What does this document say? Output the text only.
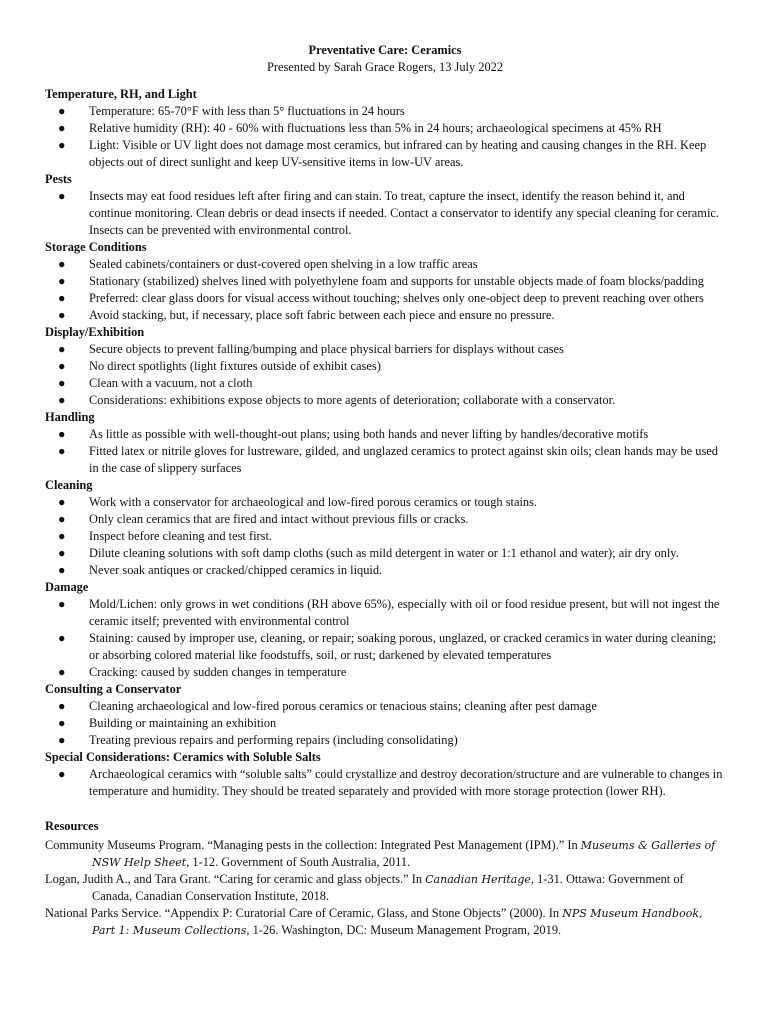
Preventative Care: Ceramics
Presented by Sarah Grace Rogers, 13 July 2022
Temperature, RH, and Light
● Temperature: 65-70°F with less than 5° fluctuations in 24 hours
● Relative humidity (RH): 40 - 60% with fluctuations less than 5% in 24 hours; archaeological specimens at 45% RH
● Light: Visible or UV light does not damage most ceramics, but infrared can by heating and causing changes in the RH. Keep objects out of direct sunlight and keep UV-sensitive items in low-UV areas.
Pests
● Insects may eat food residues left after firing and can stain. To treat, capture the insect, identify the reason behind it, and continue monitoring. Clean debris or dead insects if needed. Contact a conservator to identify any special cleaning for ceramic. Insects can be prevented with environmental control.
Storage Conditions
● Sealed cabinets/containers or dust-covered open shelving in a low traffic areas
● Stationary (stabilized) shelves lined with polyethylene foam and supports for unstable objects made of foam blocks/padding
● Preferred: clear glass doors for visual access without touching; shelves only one-object deep to prevent reaching over others
● Avoid stacking, but, if necessary, place soft fabric between each piece and ensure no pressure.
Display/Exhibition
● Secure objects to prevent falling/bumping and place physical barriers for displays without cases
● No direct spotlights (light fixtures outside of exhibit cases)
● Clean with a vacuum, not a cloth
● Considerations: exhibitions expose objects to more agents of deterioration; collaborate with a conservator.
Handling
● As little as possible with well-thought-out plans; using both hands and never lifting by handles/decorative motifs
● Fitted latex or nitrile gloves for lustreware, gilded, and unglazed ceramics to protect against skin oils; clean hands may be used in the case of slippery surfaces
Cleaning
● Work with a conservator for archaeological and low-fired porous ceramics or tough stains.
● Only clean ceramics that are fired and intact without previous fills or cracks.
● Inspect before cleaning and test first.
● Dilute cleaning solutions with soft damp cloths (such as mild detergent in water or 1:1 ethanol and water); air dry only.
● Never soak antiques or cracked/chipped ceramics in liquid.
Damage
● Mold/Lichen: only grows in wet conditions (RH above 65%), especially with oil or food residue present, but will not ingest the ceramic itself; prevented with environmental control
● Staining: caused by improper use, cleaning, or repair; soaking porous, unglazed, or cracked ceramics in water during cleaning; or absorbing colored material like foodstuffs, soil, or rust; darkened by elevated temperatures
● Cracking: caused by sudden changes in temperature
Consulting a Conservator
● Cleaning archaeological and low-fired porous ceramics or tenacious stains; cleaning after pest damage
● Building or maintaining an exhibition
● Treating previous repairs and performing repairs (including consolidating)
Special Considerations: Ceramics with Soluble Salts
● Archaeological ceramics with “soluble salts” could crystallize and destroy decoration/structure and are vulnerable to changes in temperature and humidity. They should be treated separately and provided with more storage protection (lower RH).
Resources
Community Museums Program. “Managing pests in the collection: Integrated Pest Management (IPM).” In Museums & Galleries of NSW Help Sheet, 1-12. Government of South Australia, 2011.
Logan, Judith A., and Tara Grant. “Caring for ceramic and glass objects.” In Canadian Heritage, 1-31. Ottawa: Government of Canada, Canadian Conservation Institute, 2018.
National Parks Service. “Appendix P: Curatorial Care of Ceramic, Glass, and Stone Objects” (2000). In NPS Museum Handbook, Part 1: Museum Collections, 1-26. Washington, DC: Museum Management Program, 2019.
